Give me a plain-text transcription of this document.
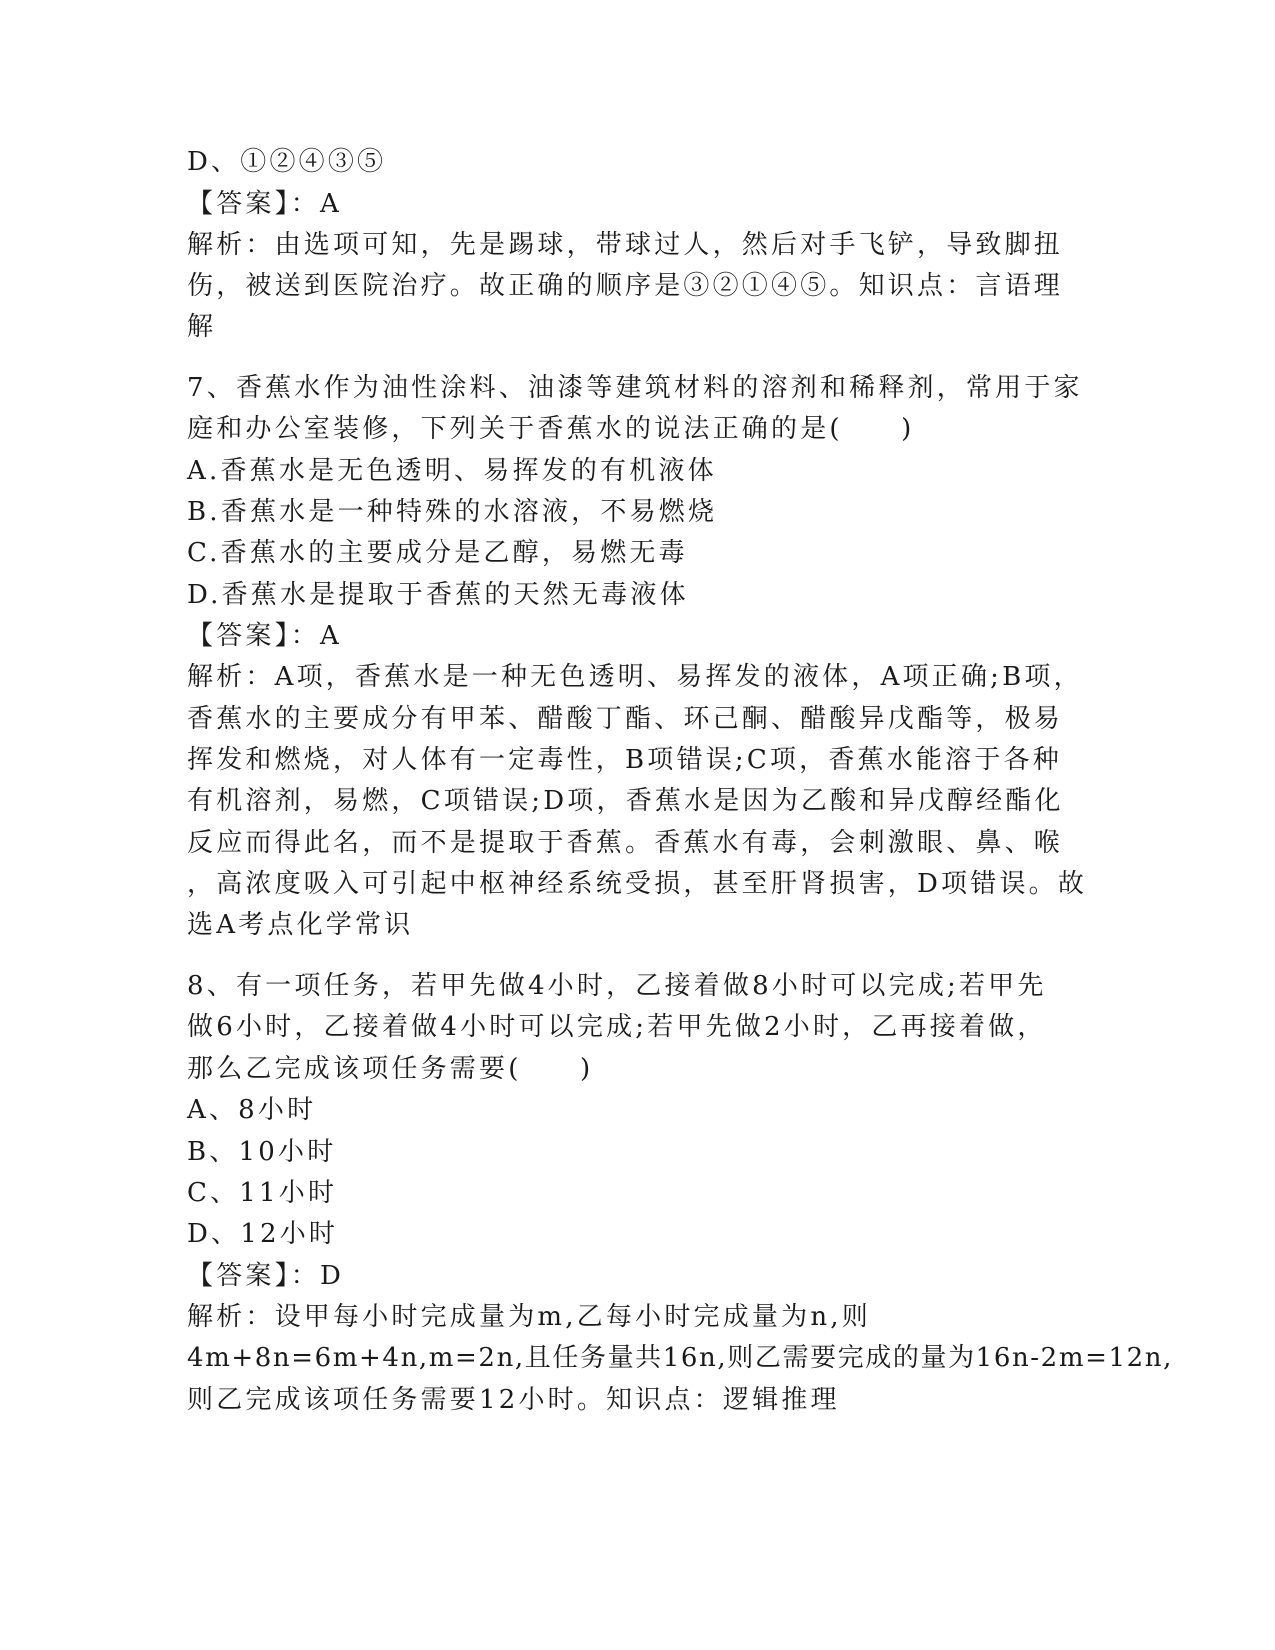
D、①②④③⑤
【答案】：A
解析：由选项可知，先是踢球，带球过人，然后对手飞铲，导致脚扭
伤，被送到医院治疗。故正确的顺序是③②①④⑤。知识点：言语理
解
7、香蕉水作为油性涂料、油漆等建筑材料的溶剂和稀释剂，常用于家
庭和办公室装修，下列关于香蕉水的说法正确的是(　　)
A.香蕉水是无色透明、易挥发的有机液体
B.香蕉水是一种特殊的水溶液，不易燃烧
C.香蕉水的主要成分是乙醇，易燃无毒
D.香蕉水是提取于香蕉的天然无毒液体
【答案】：A
解析：A项，香蕉水是一种无色透明、易挥发的液体，A项正确;B项，
香蕉水的主要成分有甲苯、醋酸丁酯、环己酮、醋酸异戊酯等，极易
挥发和燃烧，对人体有一定毒性，B项错误;C项，香蕉水能溶于各种
有机溶剂，易燃，C项错误;D项，香蕉水是因为乙酸和异戊醇经酯化
反应而得此名，而不是提取于香蕉。香蕉水有毒，会刺激眼、鼻、喉
，高浓度吸入可引起中枢神经系统受损，甚至肝肾损害，D项错误。故
选A考点化学常识
8、有一项任务，若甲先做4小时，乙接着做8小时可以完成;若甲先
做6小时，乙接着做4小时可以完成;若甲先做2小时，乙再接着做，
那么乙完成该项任务需要(　　)
A、8小时
B、10小时
C、11小时
D、12小时
【答案】：D
解析：设甲每小时完成量为m,乙每小时完成量为n,则
4m+8n=6m+4n,m=2n,且任务量共16n,则乙需要完成的量为16n-2m=12n,
则乙完成该项任务需要12小时。知识点：逻辑推理
